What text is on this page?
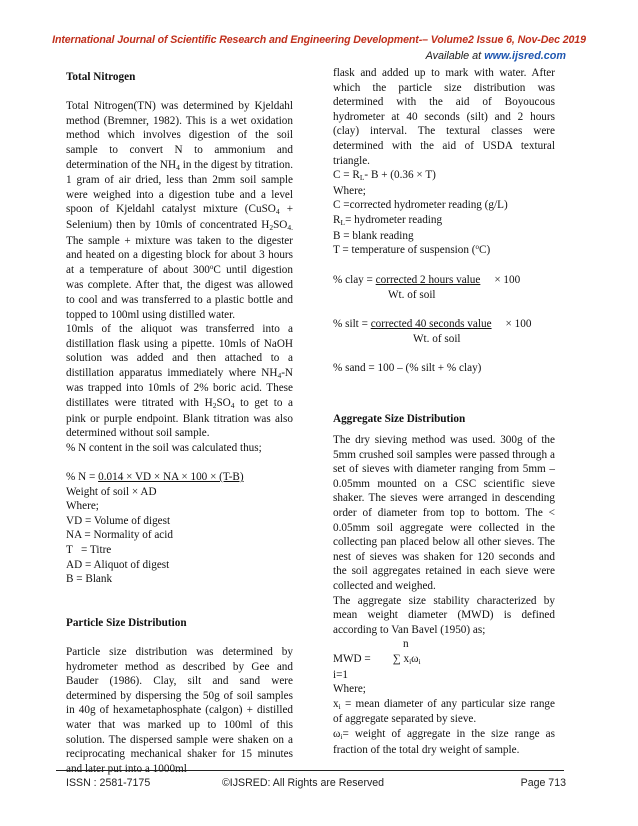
International Journal of Scientific Research and Engineering Development-– Volume2 Issue 6, Nov-Dec 2019
Available at www.ijsred.com

Total Nitrogen

Total Nitrogen(TN) was determined by Kjeldahl method (Bremner, 1982). This is a wet oxidation method which involves digestion of the soil sample to convert N to ammonium and determination of the $NH_4$ in the digest by titration. 1 gram of air dried, less than 2mm soil sample were weighed into a digestion tube and a level spoon of Kjeldahl catalyst mixture (CuSO$_4$ + Selenium) then by 10mls of concentrated $H_2SO_{4.}$ The sample + mixture was taken to the digester and heated on a digesting block for about 3 hours at a temperature of about 300$^o$C until digestion was complete. After that, the digest was allowed to cool and was transferred to a plastic bottle and topped to 100ml using distilled water.

10mls of the aliquot was transferred into a distillation flask using a pipette. 10mls of NaOH solution was added and then attached to a distillation apparatus immediately where $NH_4-N$ was trapped into 10mls of 2% boric acid. These distillates were titrated with $H_2SO_4$ to get to a pink or purple endpoint. Blank titration was also determined without soil sample.

% N content in the soil was calculated thus;

% N = 0.014 × VD × NA × 100 × (T-B)

Weight of soil × AD

Where;

VD = Volume of digest

NA = Normality of acid

T   = Titre

AD = Aliquot of digest

B = Blank

Particle Size Distribution

Particle size distribution was determined by hydrometer method as described by Gee and Bauder (1986). Clay, silt and sand were determined by dispersing the 50g of soil samples in 40g of hexametaphosphate (calgon) + distilled water that was marked up to 100ml of this solution. The dispersed sample were shaken on a reciprocating mechanical shaker for 15 minutes and later put into a 1000ml

flask and added up to mark with water. After which the particle size distribution was determined with the aid of Boyoucous hydrometer at 40 seconds (silt) and 2 hours (clay) interval. The textural classes were determined with the aid of USDA textural triangle.

$C = R_L-$ B + (0.36 × T)

Where;

C =corrected hydrometer reading (g/L)

$R_L=$ hydrometer reading

B = blank reading

T = temperature of suspension ($^o$C)

% clay = corrected 2 hours value     × 100

Wt. of soil

% silt = corrected 40 seconds value     × 100

Wt. of soil

% sand = 100 – (% silt + % clay)

Aggregate Size Distribution

The dry sieving method was used. 300g of the 5mm crushed soil samples were passed through a set of sieves with diameter ranging from 5mm – 0.05mm mounted on a CSC scientific sieve shaker. The sieves were arranged in descending order of diameter from top to bottom. The < 0.05mm soil aggregate were collected in the collecting pan placed below all other sieves. The nest of sieves was shaken for 120 seconds and the soil aggregates retained in each sieve were collected and weighed.

The aggregate size stability characterized by mean weight diameter (MWD) is defined according to Van Bavel (1950) as;

n

MWD = ∑ $x_i\omega_i$

i=1

Where;

$x_i$ = mean diameter of any particular size range of aggregate separated by sieve.

$\omega_i=$ weight of aggregate in the size range as fraction of the total dry weight of sample.

ISSN : 2581-7175	©IJSRED: All Rights are Reserved	Page 713
